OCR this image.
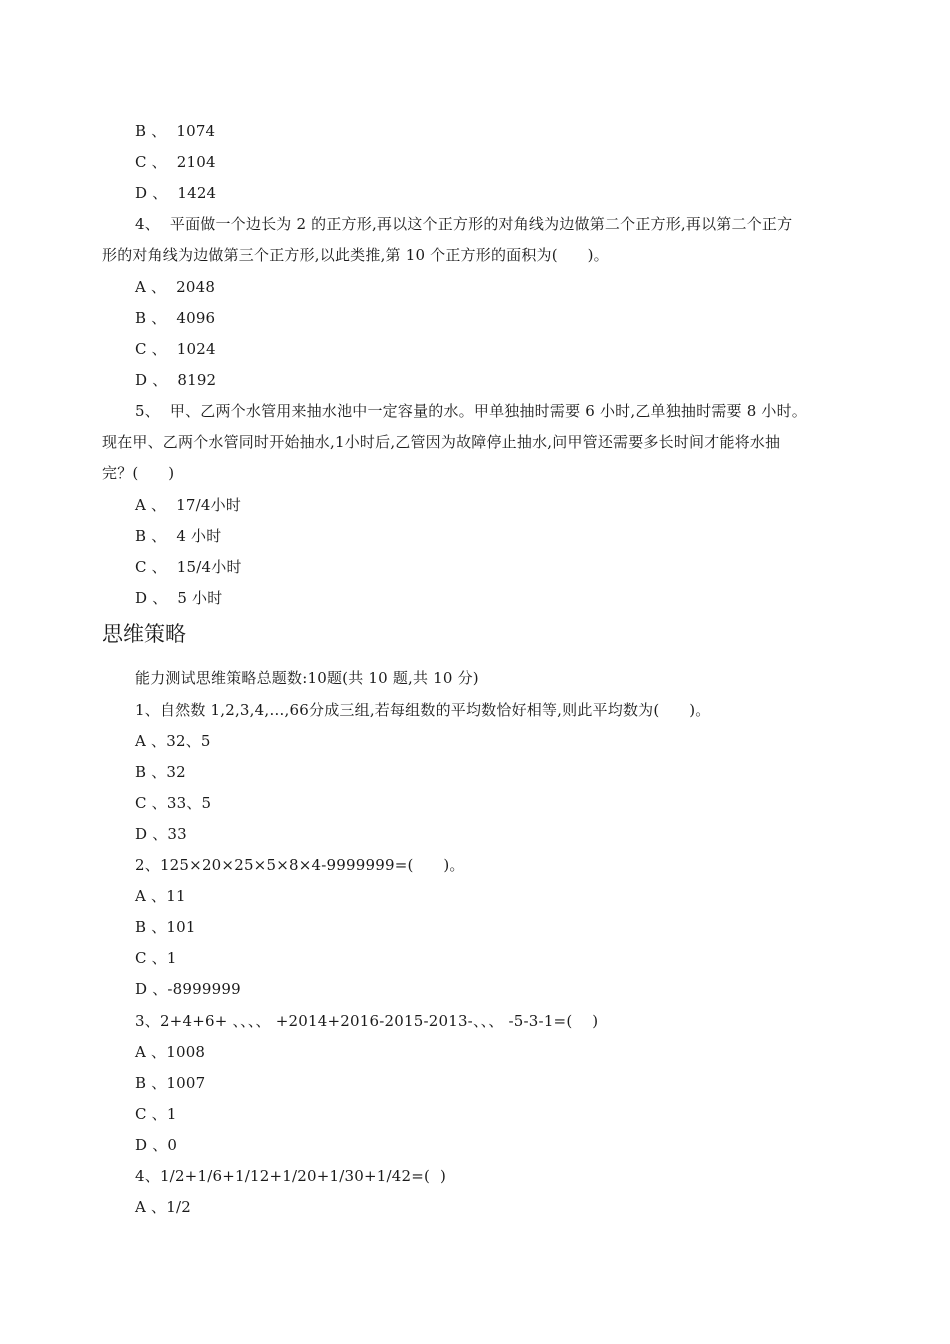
B 、  1074
C 、  2104
D 、  1424
4、  平面做一个边长为 2 的正方形,再以这个正方形的对角线为边做第二个正方形,再以第二个正方
形的对角线为边做第三个正方形,以此类推,第 10 个正方形的面积为(      )。
A 、  2048
B 、  4096
C 、  1024
D 、  8192
5、  甲、乙两个水管用来抽水池中一定容量的水。甲单独抽时需要 6 小时,乙单独抽时需要 8 小时。
现在甲、乙两个水管同时开始抽水,1小时后,乙管因为故障停止抽水,问甲管还需要多长时间才能将水抽
完？(      )
A 、  17/4小时
B 、  4 小时
C 、  15/4小时
D 、  5 小时
思维策略
能力测试思维策略总题数:10题(共 10 题,共 10 分)
1、自然数 1,2,3,4,…,66分成三组,若每组数的平均数恰好相等,则此平均数为(      )。
A 、32、5
B 、32
C 、33、5
D 、33
2、125×20×25×5×8×4-9999999=(      )。
A 、11
B 、101
C 、1
D 、-8999999
3、2+4+6+ 、、、、 +2014+2016-2015-2013-、、、 -5-3-1=(    )
A 、1008
B 、1007
C 、1
D 、0
4、1/2+1/6+1/12+1/20+1/30+1/42=(  )
A 、1/2
